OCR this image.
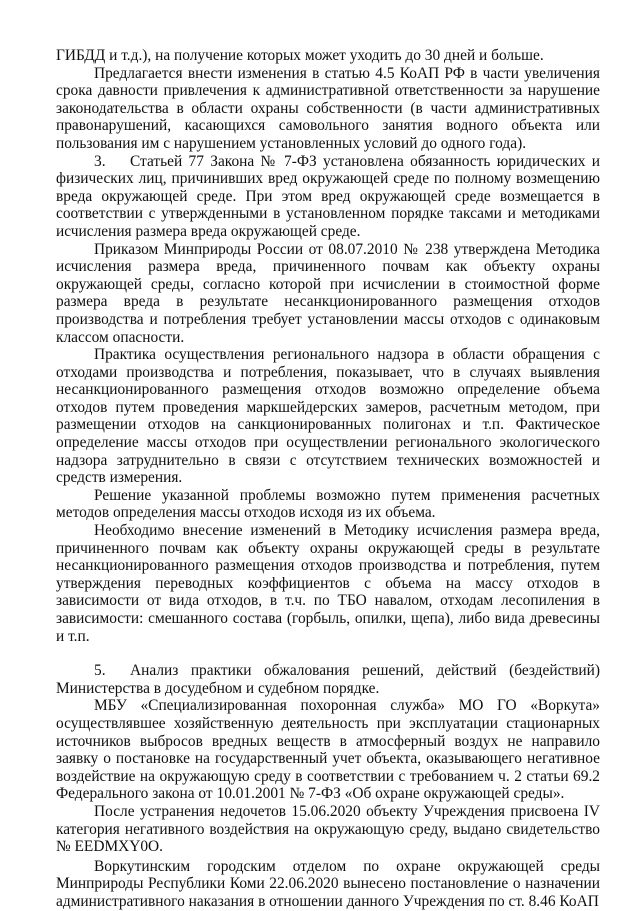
ГИБДД и т.д.), на получение которых может уходить до 30 дней и больше.

Предлагается внести изменения в статью 4.5 КоАП РФ в части увеличения срока давности привлечения к административной ответственности за нарушение законодательства в области охраны собственности (в части административных правонарушений, касающихся самовольного занятия водного объекта или пользования им с нарушением установленных условий до одного года).

3. Статьей 77 Закона № 7-ФЗ установлена обязанность юридических и физических лиц, причинивших вред окружающей среде по полному возмещению вреда окружающей среде. При этом вред окружающей среде возмещается в соответствии с утвержденными в установленном порядке таксами и методиками исчисления размера вреда окружающей среде.

Приказом Минприроды России от 08.07.2010 № 238 утверждена Методика исчисления размера вреда, причиненного почвам как объекту охраны окружающей среды, согласно которой при исчислении в стоимостной форме размера вреда в результате несанкционированного размещения отходов производства и потребления требует установлении массы отходов с одинаковым классом опасности.

Практика осуществления регионального надзора в области обращения с отходами производства и потребления, показывает, что в случаях выявления несанкционированного размещения отходов возможно определение объема отходов путем проведения маркшейдерских замеров, расчетным методом, при размещении отходов на санкционированных полигонах и т.п. Фактическое определение массы отходов при осуществлении регионального экологического надзора затруднительно в связи с отсутствием технических возможностей и средств измерения.

Решение указанной проблемы возможно путем применения расчетных методов определения массы отходов исходя из их объема.

Необходимо внесение изменений в Методику исчисления размера вреда, причиненного почвам как объекту охраны окружающей среды в результате несанкционированного размещения отходов производства и потребления, путем утверждения переводных коэффициентов с объема на массу отходов в зависимости от вида отходов, в т.ч. по ТБО навалом, отходам лесопиления в зависимости: смешанного состава (горбыль, опилки, щепа), либо вида древесины и т.п.

5. Анализ практики обжалования решений, действий (бездействий) Министерства в досудебном и судебном порядке.

МБУ «Специализированная похоронная служба» МО ГО «Воркута» осуществлявшее хозяйственную деятельность при эксплуатации стационарных источников выбросов вредных веществ в атмосферный воздух не направило заявку о постановке на государственный учет объекта, оказывающего негативное воздействие на окружающую среду в соответствии с требованием ч. 2 статьи 69.2 Федерального закона от 10.01.2001 № 7-ФЗ «Об охране окружающей среды».

После устранения недочетов 15.06.2020 объекту Учреждения присвоена IV категория негативного воздействия на окружающую среду, выдано свидетельство № EEDMXY0O.

Воркутинским городским отделом по охране окружающей среды Минприроды Республики Коми 22.06.2020 вынесено постановление о назначении административного наказания в отношении данного Учреждения по ст. 8.46 КоАП
